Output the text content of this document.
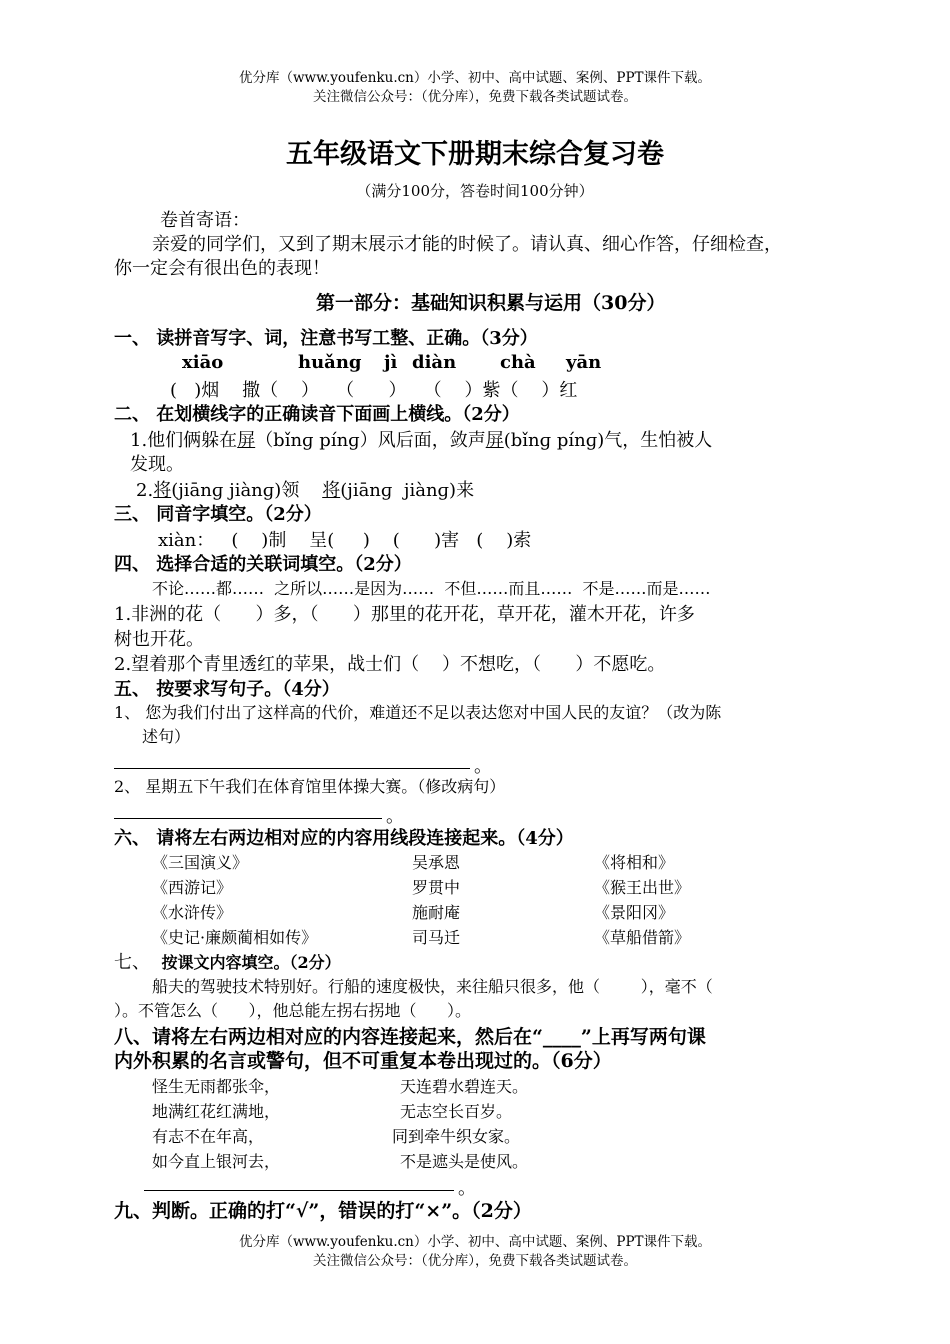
优分库（www.youfenku.cn）小学、初中、高中试题、案例、PPT课件下载。
关注微信公众号：（优分库），免费下载各类试题试卷。
五年级语文下册期末综合复习卷
（满分100分，答卷时间100分钟）
卷首寄语：
亲爱的同学们，又到了期末展示才能的时候了。请认真、细心作答，仔细检查，
你一定会有很出色的表现！
第一部分：基础知识积累与运用（30分）
一、 读拼音写字、词，注意书写工整、正确。（3分）
xiāo	huǎng jì diàn chà yān
(   )烟    撒（    ）   （      ）   （    ）紫（    ）红
二、 在划横线字的正确读音下面画上横线。（2分）
1.他们俩躲在屏（bǐnɡ pínɡ）风后面，敛声屏(bǐnɡ pínɡ)气，生怕被人
发现。
2.将(jiānɡ jiànɡ)领    将(jiānɡ  jiànɡ)来
三、 同音字填空。（2分）
xiàn：   (    )制    呈(     )    (      )害   (    )索
四、 选择合适的关联词填空。（2分）
不论……都……  之所以……是因为……  不但……而且……  不是……而是……
1.非洲的花（      ）多，（      ）那里的花开花，草开花，灌木开花，许多
树也开花。
2.望着那个青里透红的苹果，战士们（    ）不想吃，（      ）不愿吃。
五、 按要求写句子。（4分）
1、 您为我们付出了这样高的代价，难道还不足以表达您对中国人民的友谊？（改为陈
述句）
。
2、 星期五下午我们在体育馆里体操大赛。（修改病句）
。
六、 请将左右两边相对应的内容用线段连接起来。（4分）
《三国演义》
《西游记》
《水浒传》
《史记·廉颇蔺相如传》
吴承恩
罗贯中
施耐庵
司马迁
《将相和》
《猴王出世》
《景阳冈》
《草船借箭》
七、  按课文内容填空。（2分）
船夫的驾驶技术特别好。行船的速度极快，来往船只很多，他（        ），毫不（
）。不管怎么（      ），他总能左拐右拐地（      ）。
八、请将左右两边相对应的内容连接起来，然后在“____”上再写两句课
内外积累的名言或警句，但不可重复本卷出现过的。（6分）
怪生无雨都张伞，
地满红花红满地，
有志不在年高，
如今直上银河去，
天连碧水碧连天。
无志空长百岁。
同到牵牛织女家。
不是遮头是使风。
。
九、判断。正确的打“√”，错误的打“×”。（2分）
优分库（www.youfenku.cn）小学、初中、高中试题、案例、PPT课件下载。
关注微信公众号：（优分库），免费下载各类试题试卷。
